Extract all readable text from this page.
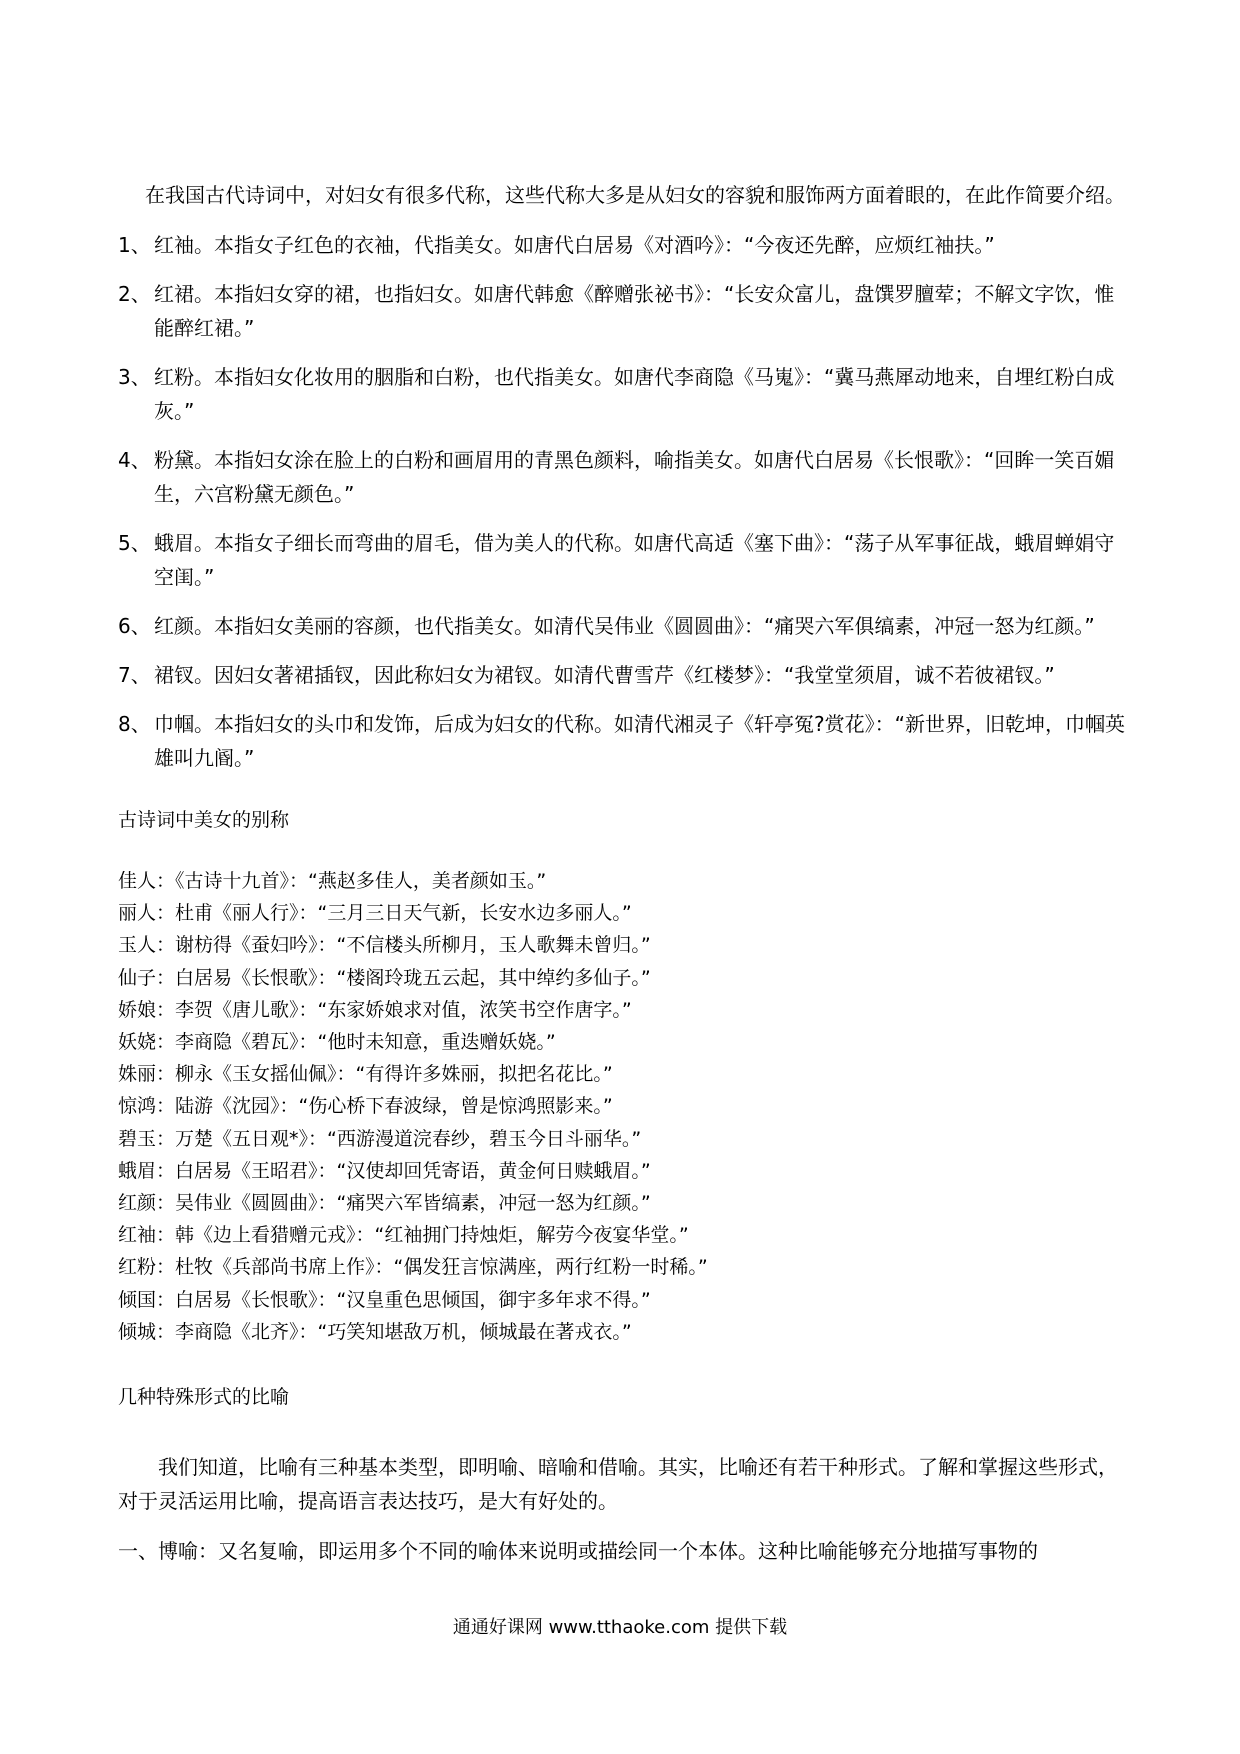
在我国古代诗词中，对妇女有很多代称，这些代称大多是从妇女的容貌和服饰两方面着眼的，在此作简要介绍。

1、 红袖。本指女子红色的衣袖，代指美女。如唐代白居易《对酒吟》：“今夜还先醉，应烦红袖扶。”
2、 红裙。本指妇女穿的裙，也指妇女。如唐代韩愈《醉赠张祕书》：“长安众富儿，盘馔罗膻荤；不解文字饮，惟能醉红裙。”
3、 红粉。本指妇女化妆用的胭脂和白粉，也代指美女。如唐代李商隐《马嵬》：“冀马燕犀动地来，自埋红粉白成灰。”
4、 粉黛。本指妇女涂在脸上的白粉和画眉用的青黑色颜料，喻指美女。如唐代白居易《长恨歌》：“回眸一笑百媚生，六宫粉黛无颜色。”
5、 蛾眉。本指女子细长而弯曲的眉毛，借为美人的代称。如唐代高适《塞下曲》：“荡子从军事征战，蛾眉蝉娟守空闺。”
6、 红颜。本指妇女美丽的容颜，也代指美女。如清代吴伟业《圆圆曲》：“痛哭六军俱缟素，冲冠一怒为红颜。”
7、 裙钗。因妇女著裙插钗，因此称妇女为裙钗。如清代曹雪芹《红楼梦》：“我堂堂须眉，诚不若彼裙钗。”
8、 巾帼。本指妇女的头巾和发饰，后成为妇女的代称。如清代湘灵子《轩亭冤?赏花》：“新世界，旧乾坤，巾帼英雄叫九阍。”
古诗词中美女的别称
佳人：《古诗十九首》：“燕赵多佳人，美者颜如玉。”
丽人：杜甫《丽人行》：“三月三日天气新，长安水边多丽人。”
玉人：谢枋得《蚕妇吟》：“不信楼头所柳月，玉人歌舞未曾归。”
仙子：白居易《长恨歌》：“楼阁玲珑五云起，其中绰约多仙子。”
娇娘：李贺《唐儿歌》：“东家娇娘求对值，浓笑书空作唐字。”
妖娆：李商隐《碧瓦》：“他时未知意，重迭赠妖娆。”
姝丽：柳永《玉女摇仙佩》：“有得许多姝丽，拟把名花比。”
惊鸿：陆游《沈园》：“伤心桥下春波绿，曾是惊鸿照影来。”
碧玉：万楚《五日观*》：“西游漫道浣春纱，碧玉今日斗丽华。”
蛾眉：白居易《王昭君》：“汉使却回凭寄语，黄金何日赎蛾眉。”
红颜：吴伟业《圆圆曲》：“痛哭六军皆缟素，冲冠一怒为红颜。”
红袖：韩《边上看猎赠元戎》：“红袖拥门持烛炬，解劳今夜宴华堂。”
红粉：杜牧《兵部尚书席上作》：“偶发狂言惊满座，两行红粉一时稀。”
倾国：白居易《长恨歌》：“汉皇重色思倾国，御宇多年求不得。”
倾城：李商隐《北齐》：“巧笑知堪敌万机，倾城最在著戎衣。”
几种特殊形式的比喻

我们知道，比喻有三种基本类型，即明喻、暗喻和借喻。其实，比喻还有若干种形式。了解和掌握这些形式，对于灵活运用比喻，提高语言表达技巧，是大有好处的。

一、博喻：又名复喻，即运用多个不同的喻体来说明或描绘同一个本体。这种比喻能够充分地描写事物的

通通好课网 www.tthaoke.com 提供下载
